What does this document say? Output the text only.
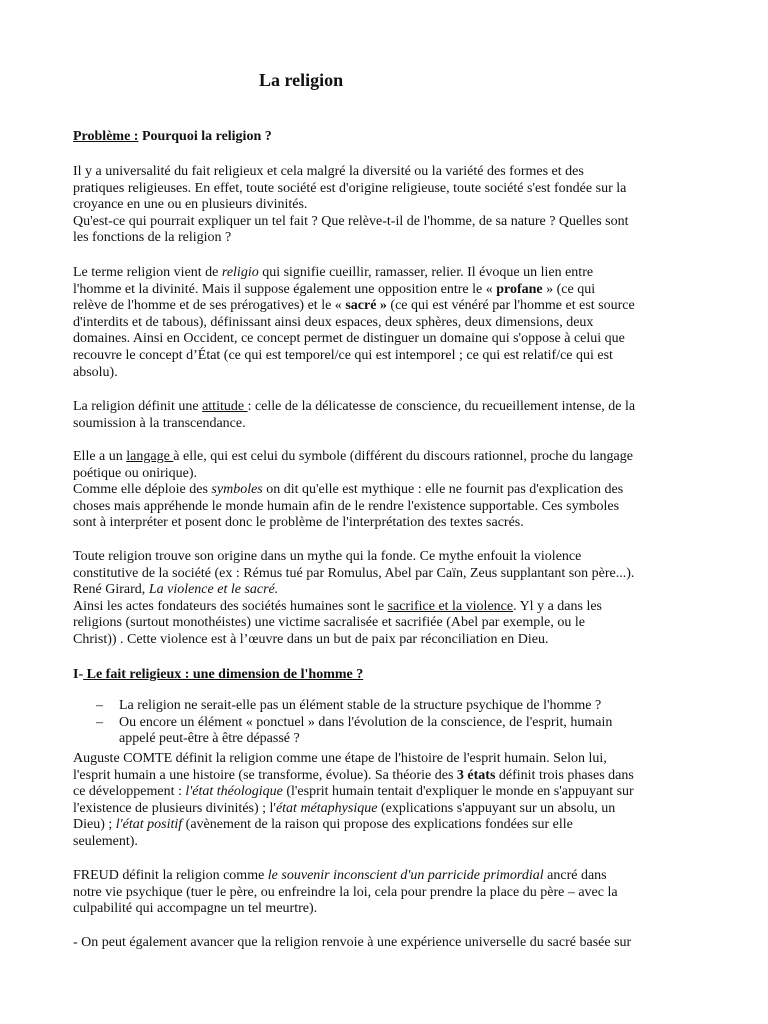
La religion
Problème : Pourquoi la religion ?
Il y a universalité du fait religieux et cela malgré la diversité ou la variété des formes et des
pratiques religieuses. En effet, toute société est d'origine religieuse, toute société s'est fondée sur la
croyance en une ou en plusieurs divinités.
Qu'est-ce qui pourrait expliquer un tel fait ? Que relève-t-il de l'homme, de sa nature ? Quelles sont
les fonctions de la religion ?
Le terme religion vient de religio qui signifie cueillir, ramasser, relier. Il évoque un lien entre
l'homme et la divinité. Mais il suppose également une opposition entre le « profane » (ce qui
relève de l'homme et de ses prérogatives) et le « sacré » (ce qui est vénéré par l'homme et est source
d'interdits et de tabous), définissant ainsi deux espaces, deux sphères, deux dimensions, deux
domaines. Ainsi en Occident, ce concept permet de distinguer un domaine qui s'oppose à celui que
recouvre le concept d’État (ce qui est temporel/ce qui est intemporel ; ce qui est relatif/ce qui est
absolu).
La religion définit une attitude : celle de la délicatesse de conscience, du recueillement intense, de la
soumission à la transcendance.
Elle a un langage à elle, qui est celui du symbole (différent du discours rationnel, proche du langage
poétique ou onirique).
Comme elle déploie des symboles on dit qu'elle est mythique : elle ne fournit pas d'explication des
choses mais appréhende le monde humain afin de le rendre l'existence supportable. Ces symboles
sont à interpréter et posent donc le problème de l'interprétation des textes sacrés.
Toute religion trouve son origine dans un mythe qui la fonde. Ce mythe enfouit la violence
constitutive de la société (ex : Rémus tué par Romulus, Abel par Caïn, Zeus supplantant son père...).
René Girard, La violence et le sacré.
Ainsi les actes fondateurs des sociétés humaines sont le sacrifice et la violence. Yl y a dans les
religions (surtout monothéistes) une victime sacralisée et sacrifiée (Abel par exemple, ou le
Christ)) . Cette violence est à l’œuvre dans un but de paix par réconciliation en Dieu.
I- Le fait religieux : une dimension de l'homme ?
– La religion ne serait-elle pas un élément stable de la structure psychique de l'homme ?
– Ou encore un élément « ponctuel » dans l'évolution de la conscience, de l'esprit, humain
appelé peut-être à être dépassé ?
Auguste COMTE définit la religion comme une étape de l'histoire de l'esprit humain. Selon lui,
l'esprit humain a une histoire (se transforme, évolue). Sa théorie des 3 états définit trois phases dans
ce développement : l'état théologique (l'esprit humain tentait d'expliquer le monde en s'appuyant sur
l'existence de plusieurs divinités) ; l'état métaphysique (explications s'appuyant sur un absolu, un
Dieu) ; l'état positif (avènement de la raison qui propose des explications fondées sur elle
seulement).
FREUD définit la religion comme le souvenir inconscient d'un parricide primordial ancré dans
notre vie psychique (tuer le père, ou enfreindre la loi, cela pour prendre la place du père – avec la
culpabilité qui accompagne un tel meurtre).
- On peut également avancer que la religion renvoie à une expérience universelle du sacré basée sur
